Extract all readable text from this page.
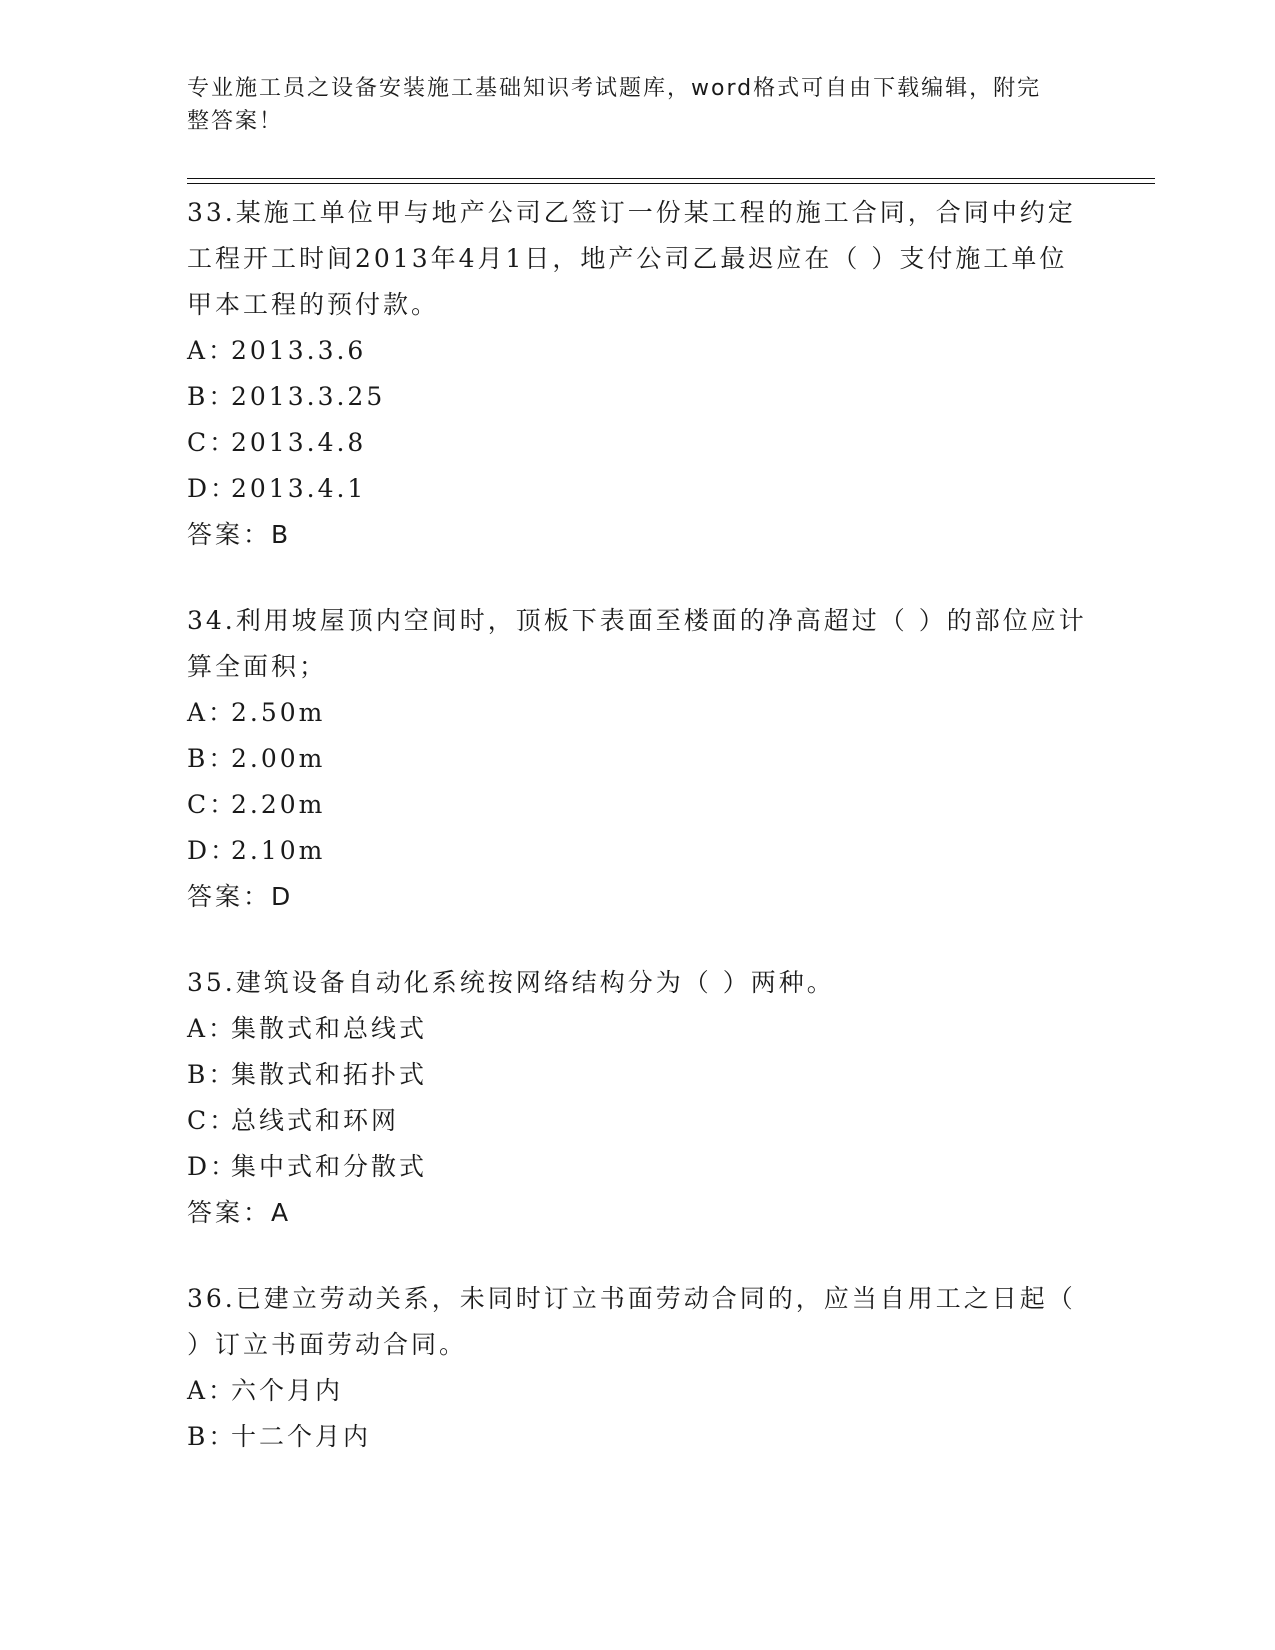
专业施工员之设备安装施工基础知识考试题库，word格式可自由下载编辑，附完
整答案！

33.某施工单位甲与地产公司乙签订一份某工程的施工合同，合同中约定工程开工时间2013年4月1日，地产公司乙最迟应在（ ）支付施工单位甲本工程的预付款。

A：2013.3.6
B：2013.3.25
C：2013.4.8
D：2013.4.1
答案：B

34.利用坡屋顶内空间时，顶板下表面至楼面的净高超过（ ）的部位应计算全面积；

A：2.50m
B：2.00m
C：2.20m
D：2.10m
答案：D

35.建筑设备自动化系统按网络结构分为（ ）两种。

A：集散式和总线式
B：集散式和拓扑式
C：总线式和环网
D：集中式和分散式
答案：A

36.已建立劳动关系，未同时订立书面劳动合同的，应当自用工之日起（ ）订立书面劳动合同。

A：六个月内
B：十二个月内
